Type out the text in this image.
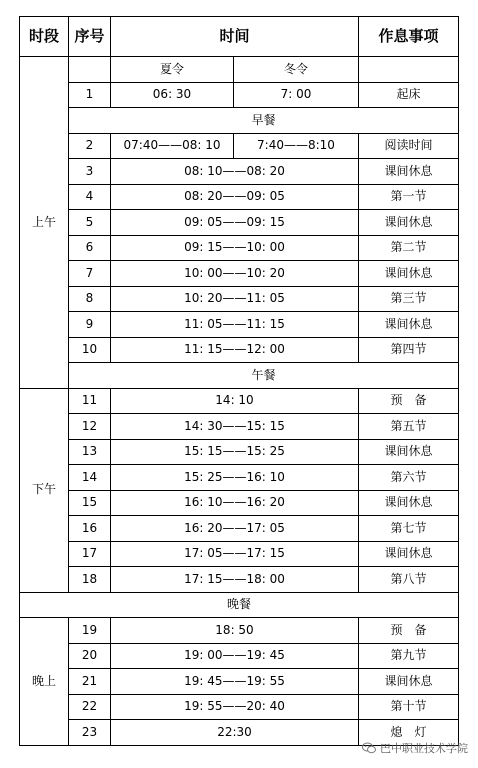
时段	序号	时间		作息事项
上午		夏令	冬令	
	1	06: 30	7: 00	起床
	早餐			
	2	07:40——08: 10	7:40——8:10	阅读时间
	3	08: 10——08: 20		课间休息
	4	08: 20——09: 05		第一节
	5	09: 05——09: 15		课间休息
	6	09: 15——10: 00		第二节
	7	10: 00——10: 20		课间休息
	8	10: 20——11: 05		第三节
	9	11: 05——11: 15		课间休息
	10	11: 15——12: 00		第四节
	午餐			
下午	11	14: 10		预　备
	12	14: 30——15: 15		第五节
	13	15: 15——15: 25		课间休息
	14	15: 25——16: 10		第六节
	15	16: 10——16: 20		课间休息
	16	16: 20——17: 05		第七节
	17	17: 05——17: 15		课间休息
	18	17: 15——18: 00		第八节
晚餐				
晚上	19	18: 50		预　备
	20	19: 00——19: 45		第九节
	21	19: 45——19: 55		课间休息
	22	19: 55——20: 40		第十节
	23	22:30		熄　灯
巴中职业技术学院
